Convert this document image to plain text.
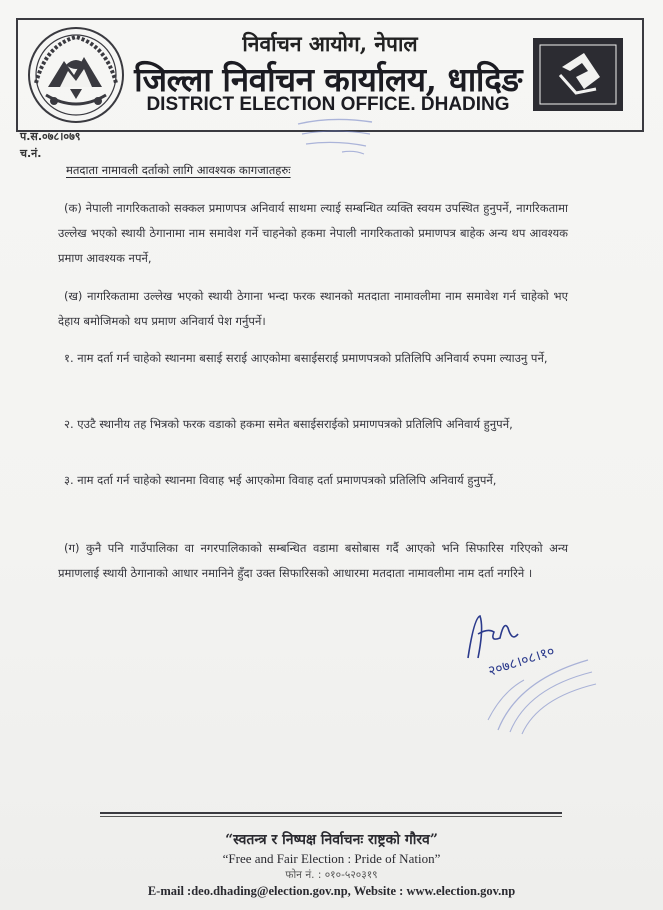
निर्वाचन आयोग, नेपाल
जिल्ला निर्वाचन कार्यालय, धादिङ
DISTRICT ELECTION OFFICE. DHADING
प.स.०७८।०७९
च.नं.
मतदाता नामावली दर्ताको लागि आवश्यक कागजातहरुः
(क) नेपाली नागरिकताको सक्कल प्रमाणपत्र अनिवार्य साथमा ल्याई सम्बन्धित व्यक्ति स्वयम उपस्थित हुनुपर्ने, नागरिकतामा उल्लेख भएको स्थायी ठेगानामा नाम समावेश गर्ने चाहनेको हकमा नेपाली नागरिकताको प्रमाणपत्र बाहेक अन्य थप आवश्यक प्रमाण आवश्यक नपर्ने,
(ख) नागरिकतामा उल्लेख भएको स्थायी ठेगाना भन्दा फरक स्थानको मतदाता नामावलीमा नाम समावेश गर्न चाहेको भए देहाय बमोजिमको थप प्रमाण अनिवार्य पेश गर्नुपर्ने।
१. नाम दर्ता गर्न चाहेको स्थानमा बसाई सराई आएकोमा बसाईसराई प्रमाणपत्रको प्रतिलिपि अनिवार्य रुपमा ल्याउनु पर्ने,
२. एउटै स्थानीय तह भित्रको फरक वडाको हकमा समेत बसाईसराईको प्रमाणपत्रको प्रतिलिपि अनिवार्य हुनुपर्ने,
३. नाम दर्ता गर्न चाहेको स्थानमा विवाह भई आएकोमा विवाह दर्ता प्रमाणपत्रको प्रतिलिपि अनिवार्य हुनुपर्ने,
(ग) कुनै पनि गाउँपालिका वा नगरपालिकाको सम्बन्धित वडामा बसोबास गर्दै आएको भनि सिफारिस गरिएको अन्य प्रमाणलाई स्थायी ठेगानाको आधार नमानिने हुँदा उक्त सिफारिसको आधारमा मतदाता नामावलीमा नाम दर्ता नगरिने ।
२०७८।०८।१०
“स्वतन्त्र र निष्पक्ष निर्वाचनः राष्ट्रको गौरव”
“Free and Fair Election : Pride of Nation”
फोन नं. : ०१०-५२०३१९
E-mail :deo.dhading@election.gov.np, Website : www.election.gov.np
